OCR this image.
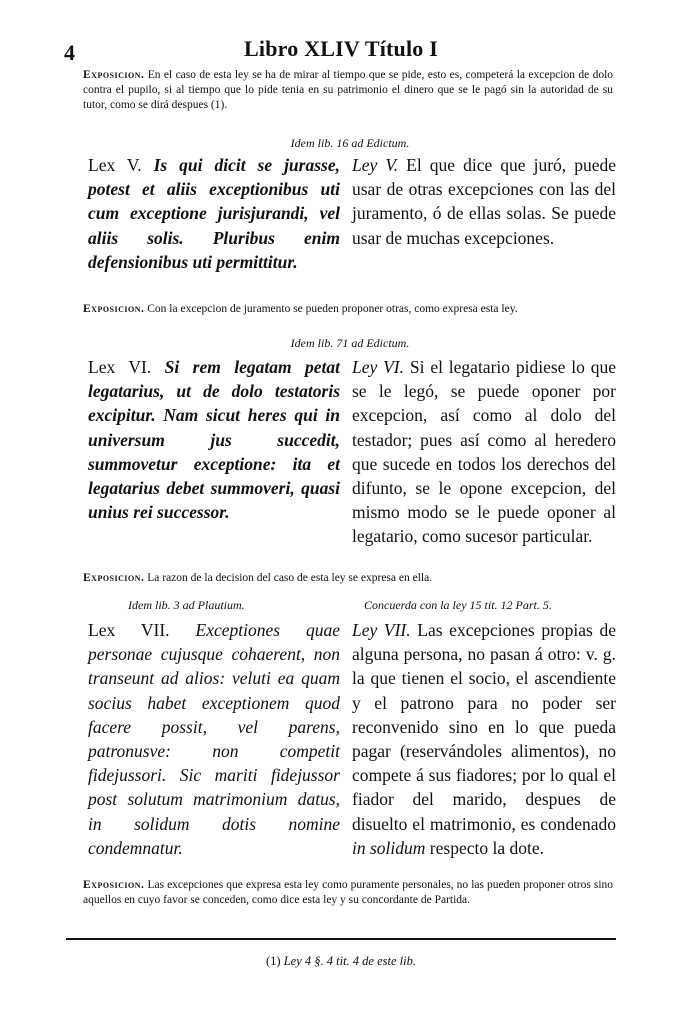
4	Libro XLIV Título I
Exposicion. En el caso de esta ley se ha de mirar al tiempo que se pide, esto es, competerá la excepcion de dolo contra el pupilo, si al tiempo que lo pide tenia en su patrimonio el dinero que se le pagó sin la autoridad de su tutor, como se dirá despues (1).
Idem lib. 16 ad Edictum.
Lex V. Is qui dicit se jurasse, potest et aliis exceptionibus uti cum exceptione jurisjurandi, vel aliis solis. Pluribus enim defensionibus uti permittitur.
Ley V. El que dice que juró, puede usar de otras excepciones con las del juramento, ó de ellas solas. Se puede usar de muchas excepciones.
Exposicion. Con la excepcion de juramento se pueden proponer otras, como expresa esta ley.
Idem lib. 71 ad Edictum.
Lex VI. Si rem legatam petat legatarius, ut de dolo testatoris excipitur. Nam sicut heres qui in universum jus succedit, summovetur exceptione: ita et legatarius debet summoveri, quasi unius rei successor.
Ley VI. Si el legatario pidiese lo que se le legó, se puede oponer por excepcion, así como al dolo del testador; pues así como al heredero que sucede en todos los derechos del difunto, se le opone excepcion, del mismo modo se le puede oponer al legatario, como sucesor particular.
Exposicion. La razon de la decision del caso de esta ley se expresa en ella.
Idem lib. 3 ad Plautium.	Concuerda con la ley 15 tit. 12 Part. 5.
Lex VII. Exceptiones quae personae cujusque cohaerent, non transeunt ad alios: veluti ea quam socius habet exceptionem quod facere possit, vel parens, patronusve: non competit fidejussori. Sic mariti fidejussor post solutum matrimonium datus, in solidum dotis nomine condemnatur.
Ley VII. Las excepciones propias de alguna persona, no pasan á otro: v. g. la que tienen el socio, el ascendiente y el patrono para no poder ser reconvenido sino en lo que pueda pagar (reservándoles alimentos), no compete á sus fiadores; por lo qual el fiador del marido, despues de disuelto el matrimonio, es condenado in solidum respecto la dote.
Exposicion. Las excepciones que expresa esta ley como puramente personales, no las pueden proponer otros sino aquellos en cuyo favor se conceden, como dice esta ley y su concordante de Partida.
(1) Ley 4 §. 4 tit. 4 de este lib.
